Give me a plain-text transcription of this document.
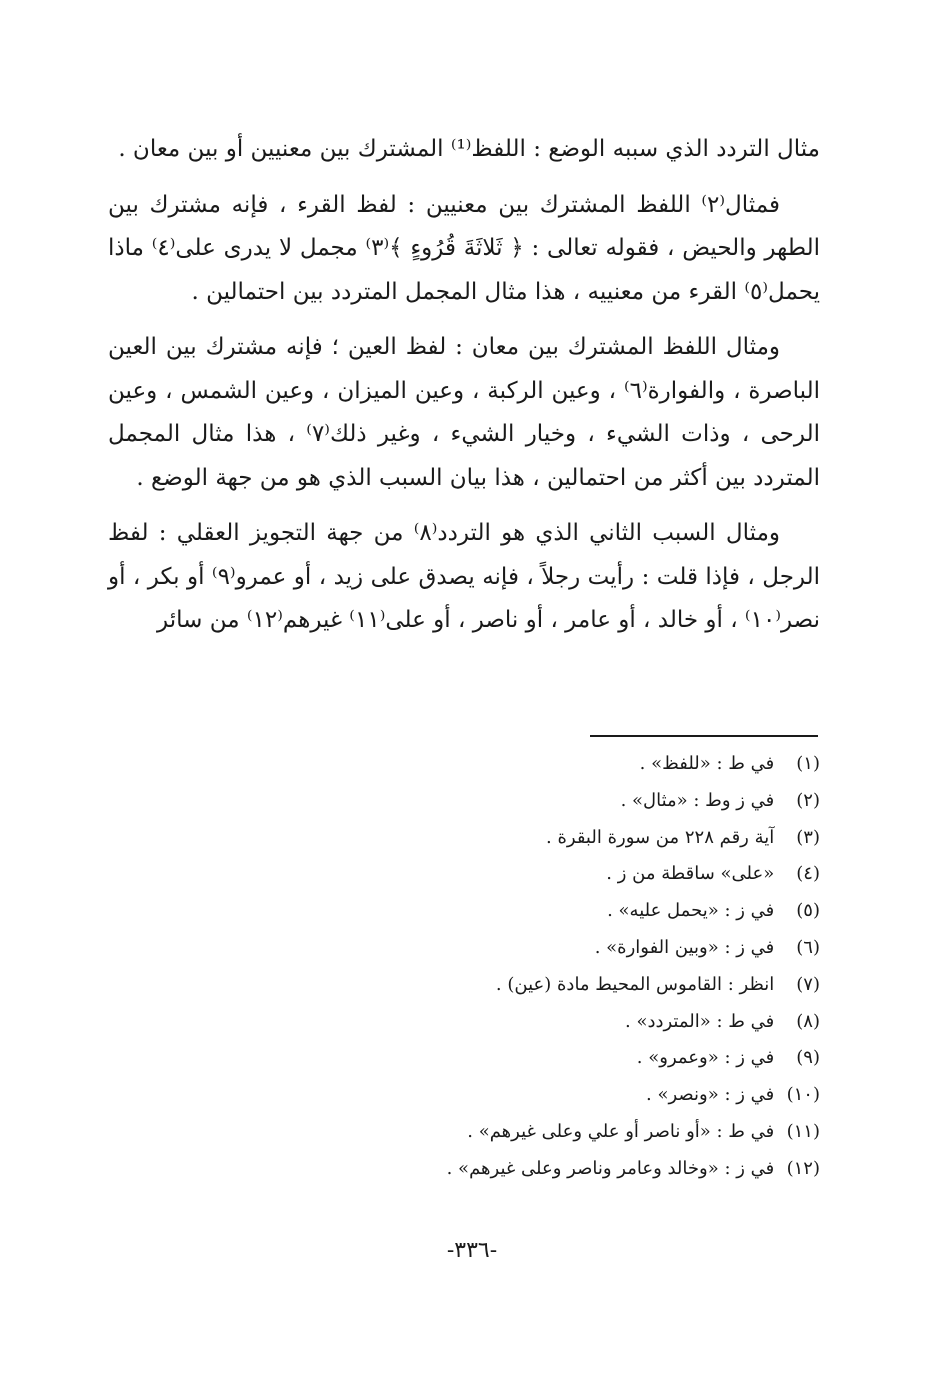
مثال التردد الذي سببه الوضع : اللفظ⁽¹⁾ المشترك بين معنيين أو بين معان .

فمثال⁽٢⁾ اللفظ المشترك بين معنيين : لفظ القرء ، فإنه مشترك بين الطهر والحيض ، فقوله تعالى : ﴿ ثَلاثَةَ قُرُوءٍ ﴾⁽٣⁾ مجمل لا يدرى على⁽٤⁾ ماذا يحمل⁽٥⁾ القرء من معنييه ، هذا مثال المجمل المتردد بين احتمالين .

ومثال اللفظ المشترك بين معان : لفظ العين ؛ فإنه مشترك بين العين الباصرة ، والفوارة⁽٦⁾ ، وعين الركبة ، وعين الميزان ، وعين الشمس ، وعين الرحى ، وذات الشيء ، وخيار الشيء ، وغير ذلك⁽٧⁾ ، هذا مثال المجمل المتردد بين أكثر من احتمالين ، هذا بيان السبب الذي هو من جهة الوضع .

ومثال السبب الثاني الذي هو التردد⁽٨⁾ من جهة التجويز العقلي : لفظ الرجل ، فإذا قلت : رأيت رجلاً ، فإنه يصدق على زيد ، أو عمرو⁽٩⁾ أو بكر ، أو نصر⁽١٠⁾ ، أو خالد ، أو عامر ، أو ناصر ، أو على⁽١١⁾ غيرهم⁽١٢⁾ من سائر

(١) في ط : «للفظ» .
(٢) في ز وط : «مثال» .
(٣) آية رقم ٢٢٨ من سورة البقرة .
(٤) «على» ساقطة من ز .
(٥) في ز : «يحمل عليه» .
(٦) في ز : «وبين الفوارة» .
(٧) انظر : القاموس المحيط مادة (عين) .
(٨) في ط : «المتردد» .
(٩) في ز : «وعمرو» .
(١٠) في ز : «ونصر» .
(١١) في ط : «أو ناصر أو علي وعلى غيرهم» .
(١٢) في ز : «وخالد وعامر وناصر وعلى غيرهم» .
-٣٣٦-
